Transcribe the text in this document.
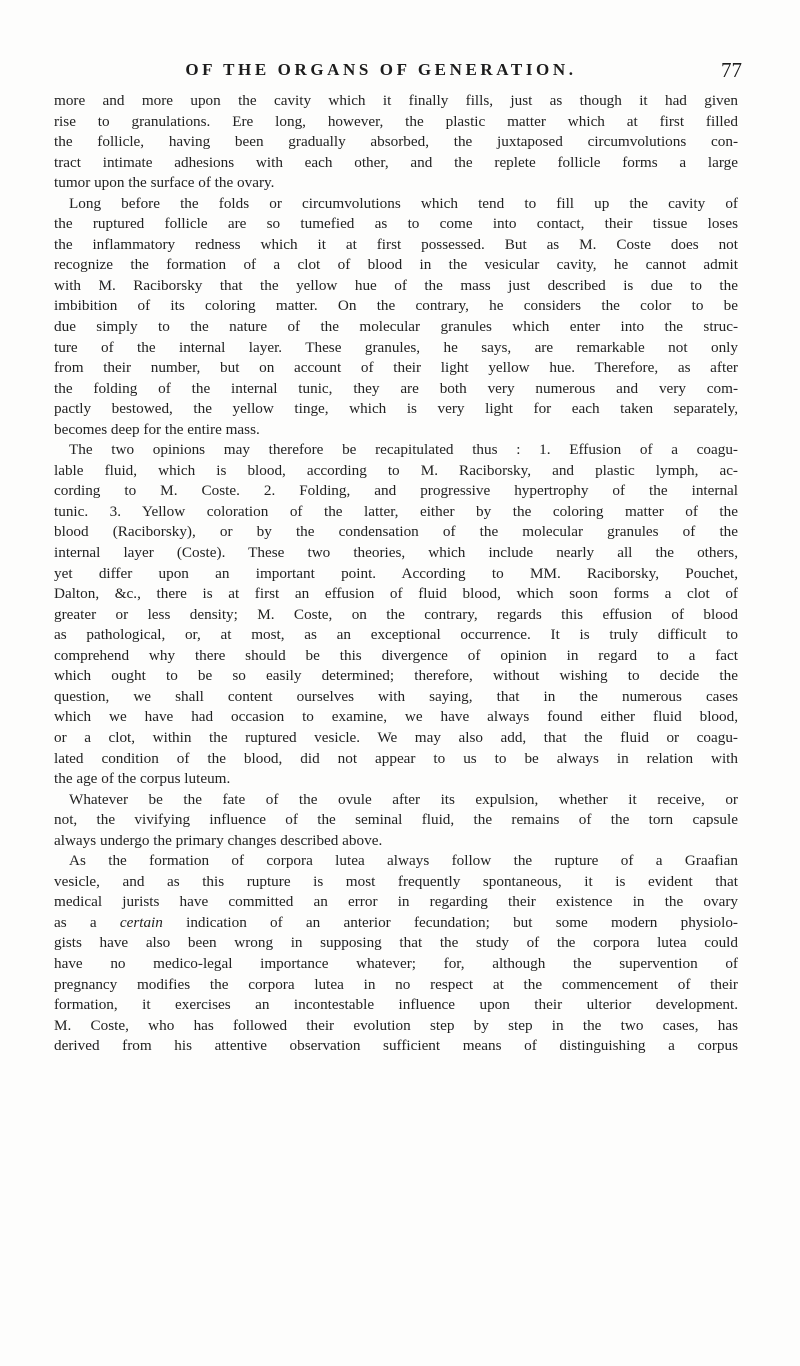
OF THE ORGANS OF GENERATION.	77
more and more upon the cavity which it finally fills, just as though it had given
rise to granulations. Ere long, however, the plastic matter which at first filled
the follicle, having been gradually absorbed, the juxtaposed circumvolutions con-
tract intimate adhesions with each other, and the replete follicle forms a large
tumor upon the surface of the ovary.
Long before the folds or circumvolutions which tend to fill up the cavity of
the ruptured follicle are so tumefied as to come into contact, their tissue loses
the inflammatory redness which it at first possessed. But as M. Coste does not
recognize the formation of a clot of blood in the vesicular cavity, he cannot admit
with M. Raciborsky that the yellow hue of the mass just described is due to the
imbibition of its coloring matter. On the contrary, he considers the color to be
due simply to the nature of the molecular granules which enter into the struc-
ture of the internal layer. These granules, he says, are remarkable not only
from their number, but on account of their light yellow hue. Therefore, as after
the folding of the internal tunic, they are both very numerous and very com-
pactly bestowed, the yellow tinge, which is very light for each taken separately,
becomes deep for the entire mass.
The two opinions may therefore be recapitulated thus : 1. Effusion of a coagu-
lable fluid, which is blood, according to M. Raciborsky, and plastic lymph, ac-
cording to M. Coste. 2. Folding, and progressive hypertrophy of the internal
tunic. 3. Yellow coloration of the latter, either by the coloring matter of the
blood (Raciborsky), or by the condensation of the molecular granules of the
internal layer (Coste). These two theories, which include nearly all the others,
yet differ upon an important point. According to MM. Raciborsky, Pouchet,
Dalton, &c., there is at first an effusion of fluid blood, which soon forms a clot of
greater or less density; M. Coste, on the contrary, regards this effusion of blood
as pathological, or, at most, as an exceptional occurrence. It is truly difficult to
comprehend why there should be this divergence of opinion in regard to a fact
which ought to be so easily determined; therefore, without wishing to decide the
question, we shall content ourselves with saying, that in the numerous cases
which we have had occasion to examine, we have always found either fluid blood,
or a clot, within the ruptured vesicle. We may also add, that the fluid or coagu-
lated condition of the blood, did not appear to us to be always in relation with
the age of the corpus luteum.
Whatever be the fate of the ovule after its expulsion, whether it receive, or
not, the vivifying influence of the seminal fluid, the remains of the torn capsule
always undergo the primary changes described above.
As the formation of corpora lutea always follow the rupture of a Graafian
vesicle, and as this rupture is most frequently spontaneous, it is evident that
medical jurists have committed an error in regarding their existence in the ovary
as a certain indication of an anterior fecundation; but some modern physiolo-
gists have also been wrong in supposing that the study of the corpora lutea could
have no medico-legal importance whatever; for, although the supervention of
pregnancy modifies the corpora lutea in no respect at the commencement of their
formation, it exercises an incontestable influence upon their ulterior development.
M. Coste, who has followed their evolution step by step in the two cases, has
derived from his attentive observation sufficient means of distinguishing a corpus
